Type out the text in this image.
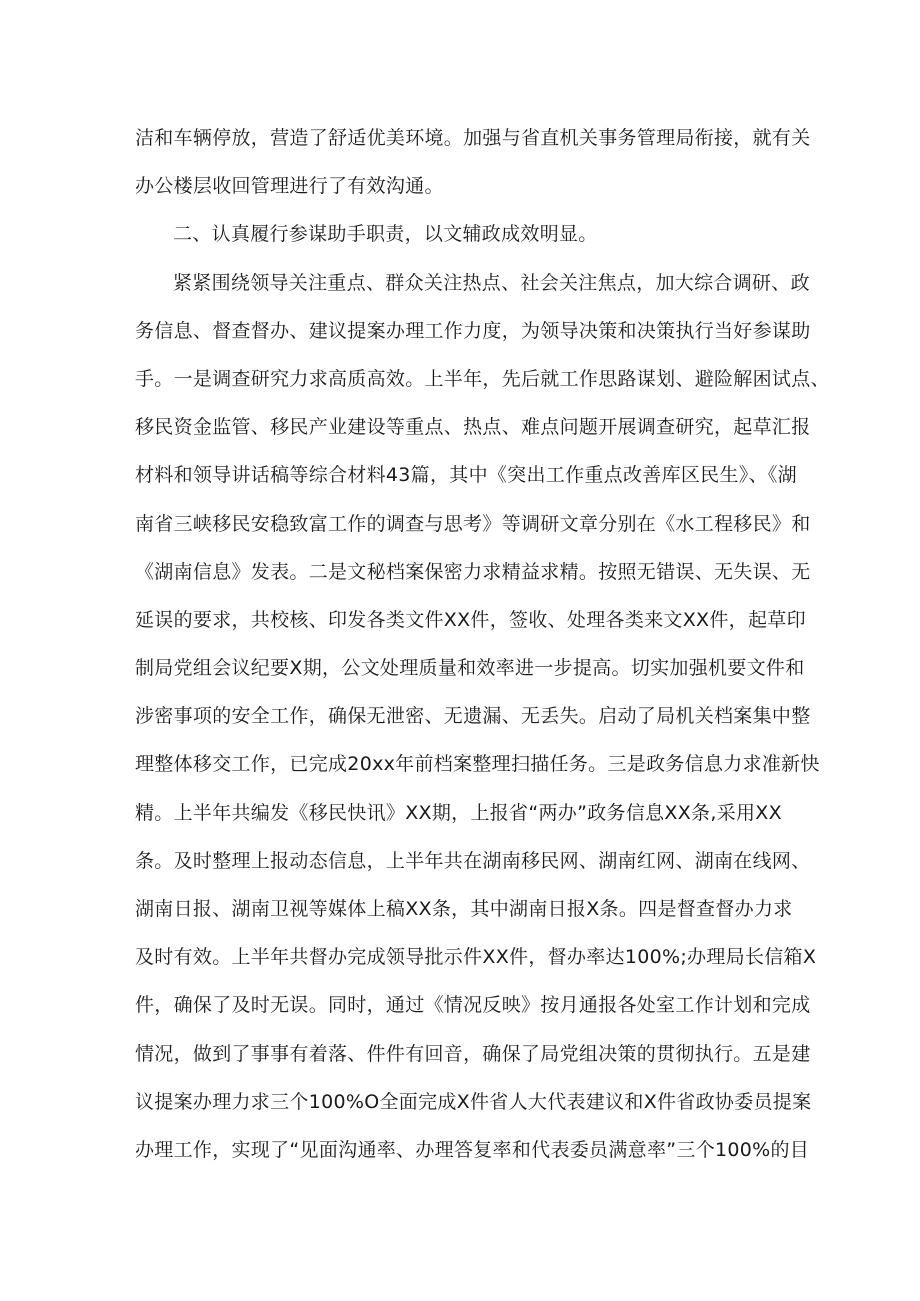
洁和车辆停放，营造了舒适优美环境。加强与省直机关事务管理局衔接，就有关
办公楼层收回管理进行了有效沟通。
二、认真履行参谋助手职责，以文辅政成效明显。
紧紧围绕领导关注重点、群众关注热点、社会关注焦点，加大综合调研、政
务信息、督查督办、建议提案办理工作力度，为领导决策和决策执行当好参谋助
手。一是调查研究力求高质高效。上半年，先后就工作思路谋划、避险解困试点、
移民资金监管、移民产业建设等重点、热点、难点问题开展调查研究，起草汇报
材料和领导讲话稿等综合材料43篇，其中《突出工作重点改善库区民生》、《湖
南省三峡移民安稳致富工作的调查与思考》等调研文章分别在《水工程移民》和
《湖南信息》发表。二是文秘档案保密力求精益求精。按照无错误、无失误、无
延误的要求，共校核、印发各类文件XX件，签收、处理各类来文XX件，起草印
制局党组会议纪要X期，公文处理质量和效率进一步提高。切实加强机要文件和
涉密事项的安全工作，确保无泄密、无遗漏、无丢失。启动了局机关档案集中整
理整体移交工作，已完成20xx年前档案整理扫描任务。三是政务信息力求准新快
精。上半年共编发《移民快讯》XX期，上报省“两办”政务信息XX条,采用XX
条。及时整理上报动态信息，上半年共在湖南移民网、湖南红网、湖南在线网、
湖南日报、湖南卫视等媒体上稿XX条，其中湖南日报X条。四是督查督办力求
及时有效。上半年共督办完成领导批示件XX件，督办率达100%;办理局长信箱X
件，确保了及时无误。同时，通过《情况反映》按月通报各处室工作计划和完成
情况，做到了事事有着落、件件有回音，确保了局党组决策的贯彻执行。五是建
议提案办理力求三个100%O全面完成X件省人大代表建议和X件省政协委员提案
办理工作，实现了“见面沟通率、办理答复率和代表委员满意率”三个100%的目
